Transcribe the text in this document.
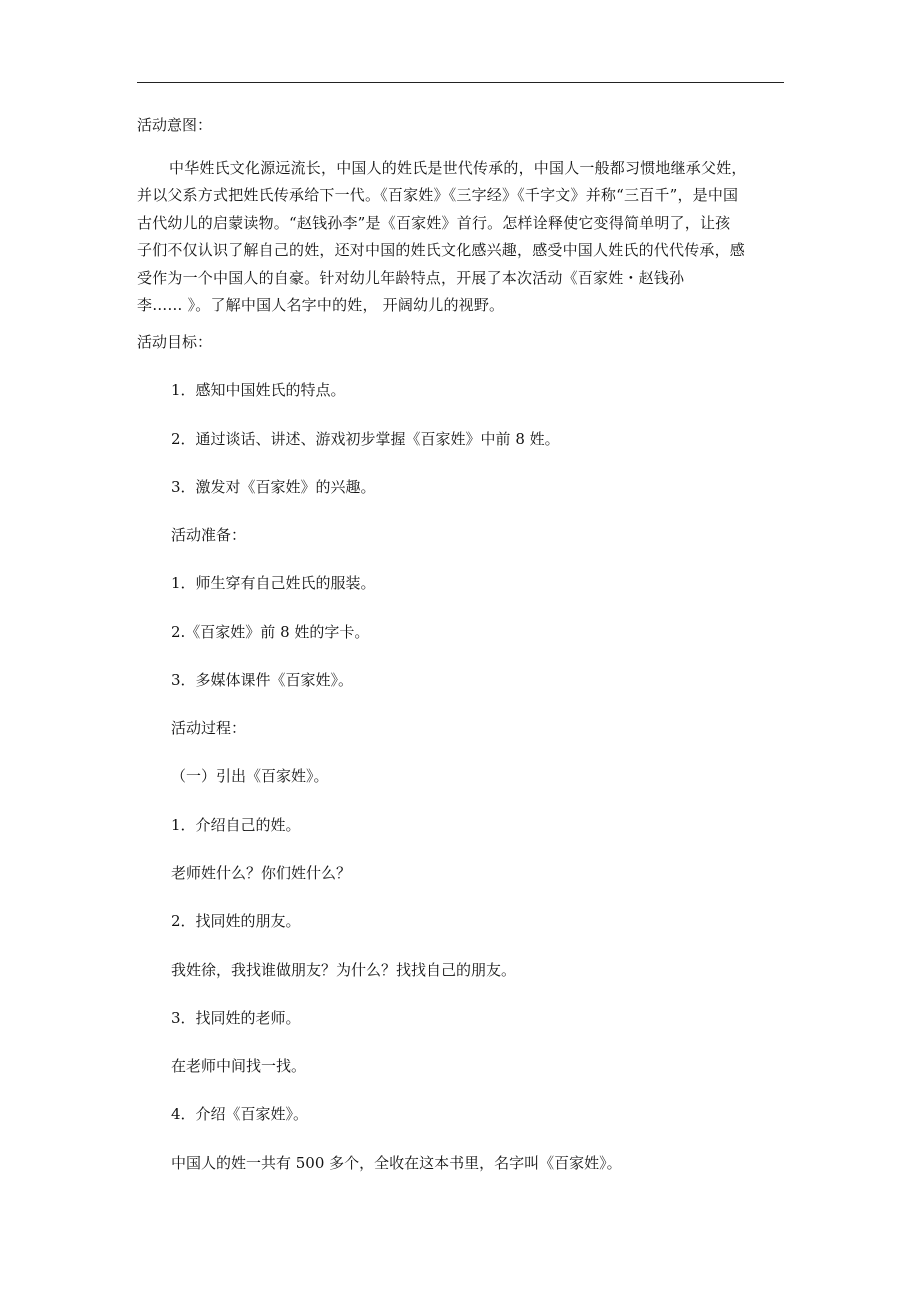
活动意图：

中华姓氏文化源远流长，中国人的姓氏是世代传承的，中国人一般都习惯地继承父姓，
并以父系方式把姓氏传承给下一代。《百家姓》《三字经》《千字文》并称“三百千”，是中国
古代幼儿的启蒙读物。“赵钱孙李”是《百家姓》首行。怎样诠释使它变得简单明了，让孩
子们不仅认识了解自己的姓，还对中国的姓氏文化感兴趣，感受中国人姓氏的代代传承，感
受作为一个中国人的自豪。针对幼儿年龄特点，开展了本次活动《百家姓・赵钱孙
李…… 》。了解中国人名字中的姓， 开阔幼儿的视野。

活动目标：

1．感知中国姓氏的特点。

2．通过谈话、讲述、游戏初步掌握《百家姓》中前 8 姓。

3．激发对《百家姓》的兴趣。

活动准备：

1．师生穿有自己姓氏的服装。

2.《百家姓》前 8 姓的字卡。

3．多媒体课件《百家姓》。

活动过程：

（一）引出《百家姓》。

1．介绍自己的姓。

老师姓什么？你们姓什么？

2．找同姓的朋友。

我姓徐，我找谁做朋友？为什么？找找自己的朋友。

3．找同姓的老师。

在老师中间找一找。

4．介绍《百家姓》。

中国人的姓一共有 500 多个，全收在这本书里，名字叫《百家姓》。
